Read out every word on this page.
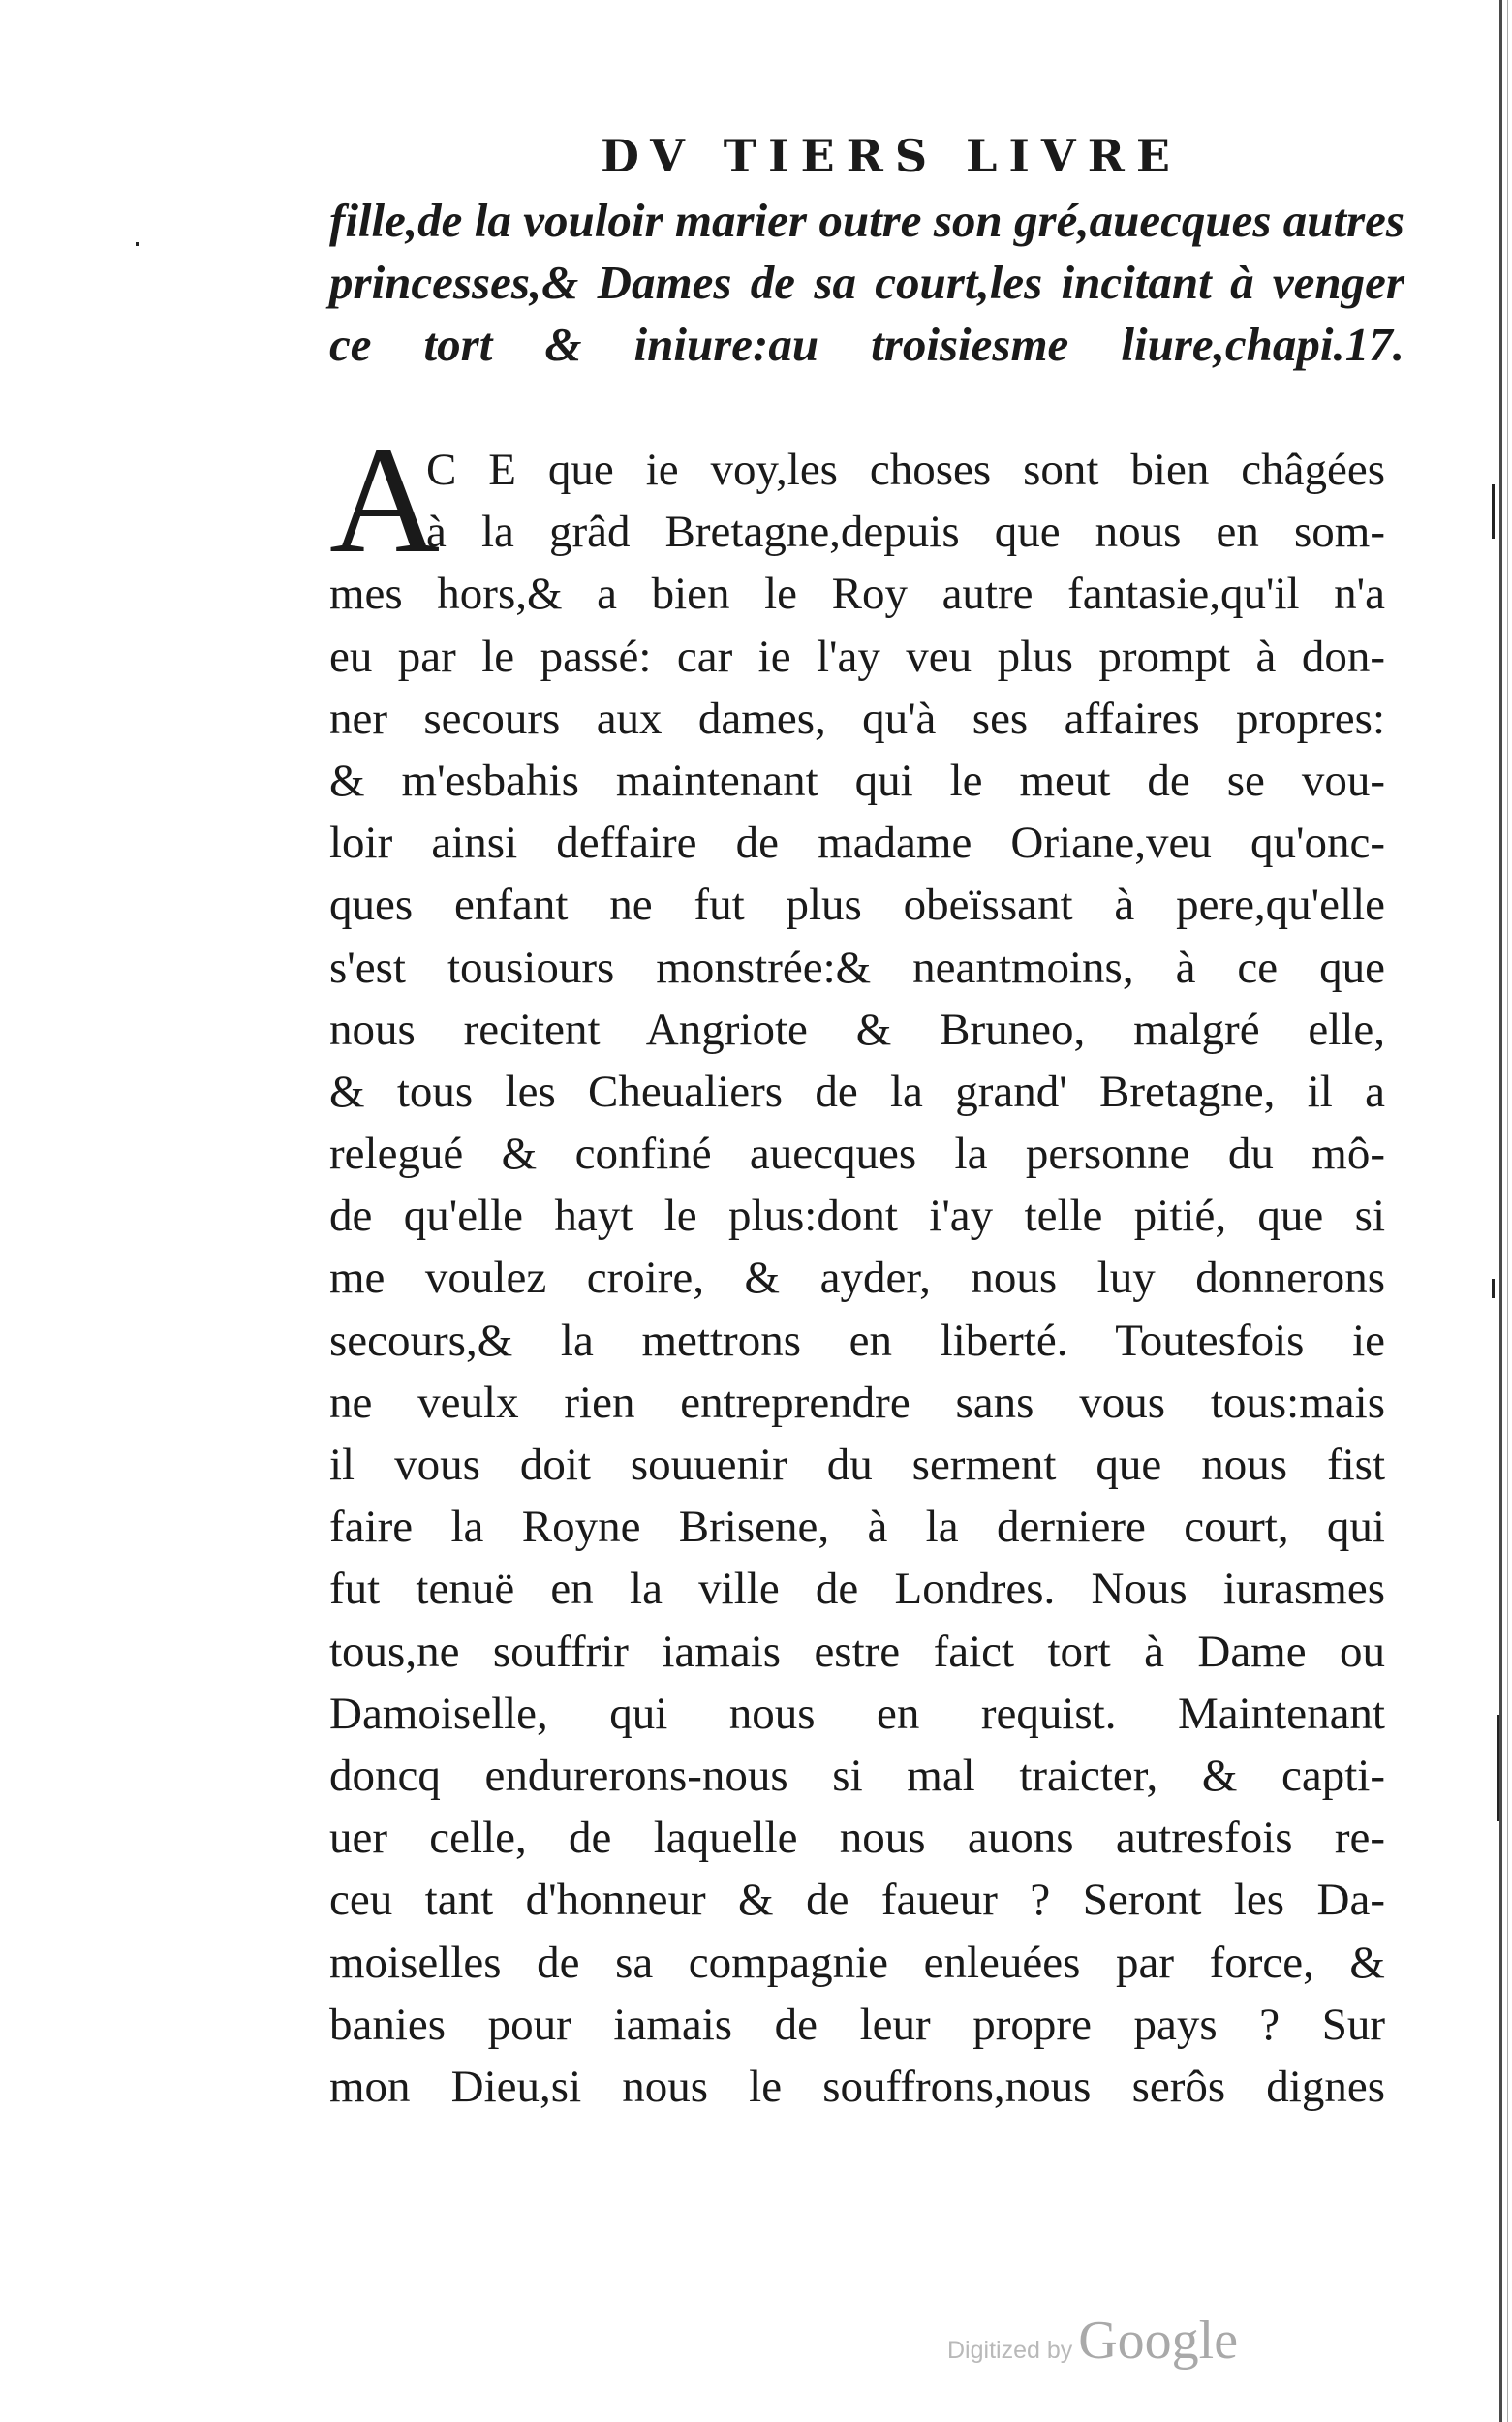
DV TIERS LIVRE
fille,de la vouloir marier outre son gré,auecques autres
princesses,& Dames de sa court,les incitant à venger
ce tort & iniure:au troisiesme liure,chapi.17.
A
C E que ie voy,les choses sont bien châgées
à la grâd Bretagne,depuis que nous en som-
mes hors,& a bien le Roy autre fantasie,qu'il n'a
eu par le passé: car ie l'ay veu plus prompt à don-
ner secours aux dames, qu'à ses affaires propres:
& m'esbahis maintenant qui le meut de se vou-
loir ainsi deffaire de madame Oriane,veu qu'onc-
ques enfant ne fut plus obeïssant à pere,qu'elle
s'est tousiours monstrée:& neantmoins, à ce que
nous recitent Angriote & Bruneo, malgré elle,
& tous les Cheualiers de la grand' Bretagne, il a
relegué & confiné auecques la personne du mô-
de qu'elle hayt le plus:dont i'ay telle pitié, que si
me voulez croire, & ayder, nous luy donnerons
secours,& la mettrons en liberté. Toutesfois ie
ne veulx rien entreprendre sans vous tous:mais
il vous doit souuenir du serment que nous fist
faire la Royne Brisene, à la derniere court, qui
fut tenuë en la ville de Londres. Nous iurasmes
tous,ne souffrir iamais estre faict tort à Dame ou
Damoiselle, qui nous en requist. Maintenant
doncq endurerons-nous si mal traicter, & capti-
uer celle, de laquelle nous auons autresfois re-
ceu tant d'honneur & de faueur ? Seront les Da-
moiselles de sa compagnie enleuées par force, &
banies pour iamais de leur propre pays ? Sur
mon Dieu,si nous le souffrons,nous serôs dignes
Digitized by Google
